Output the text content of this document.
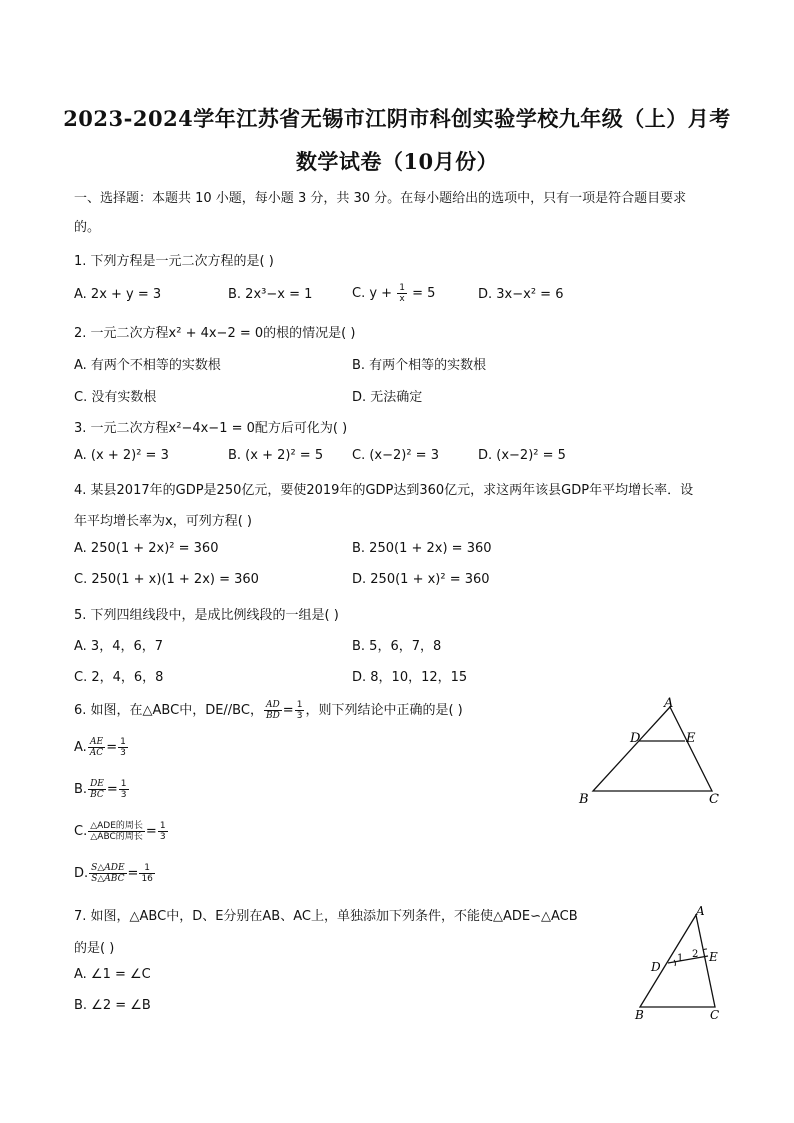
2023-2024学年江苏省无锡市江阴市科创实验学校九年级（上）月考
数学试卷（10月份）
一、选择题：本题共 10 小题，每小题 3 分，共 30 分。在每小题给出的选项中，只有一项是符合题目要求
的。
1. 下列方程是一元二次方程的是( )
A. 2x + y = 3	B. 2x³−x = 1	C. $y + \frac{1}{x} = 5$	D. 3x−x² = 6
2. 一元二次方程x² + 4x−2 = 0的根的情况是( )
A. 有两个不相等的实数根	B. 有两个相等的实数根
C. 没有实数根	D. 无法确定
3. 一元二次方程x²−4x−1 = 0配方后可化为( )
A. (x + 2)² = 3	B. (x + 2)² = 5 C. (x−2)² = 3	D. (x−2)² = 5
4. 某县2017年的GDP是250亿元，要使2019年的GDP达到360亿元，求这两年该县GDP年平均增长率．设
年平均增长率为x，可列方程( )
A. 250(1 + 2x)² = 360	B. 250(1 + 2x) = 360
C. 250(1 + x)(1 + 2x) = 360	D. 250(1 + x)² = 360
5. 下列四组线段中，是成比例线段的一组是( )
A. 3，4，6，7	B. 5，6，7，8
C. 2，4，6，8	D. 8，10，12，15
6. 如图，在△ABC中，DE//BC， $\frac{AD}{BD} = \frac{1}{3}$ ，则下列结论中正确的是( )
A. $\frac{AE}{AC} = \frac{1}{3}$
B. $\frac{DE}{BC} = \frac{1}{3}$
C. $\frac{\text{△ADE的周长}}{\text{△ABC的周长}} = \frac{1}{3}$
D. $\frac{\text{S△ADE}}{\text{S△ABC}} = \frac{1}{16}$
A
D	E
B	C
7. 如图，△ABC中，D、E分别在AB、AC上，单独添加下列条件，不能使△ADE∽△ACB
的是( )
A. ∠1 = ∠C
B. ∠2 = ∠B
A
D
E
1 2
B	C
